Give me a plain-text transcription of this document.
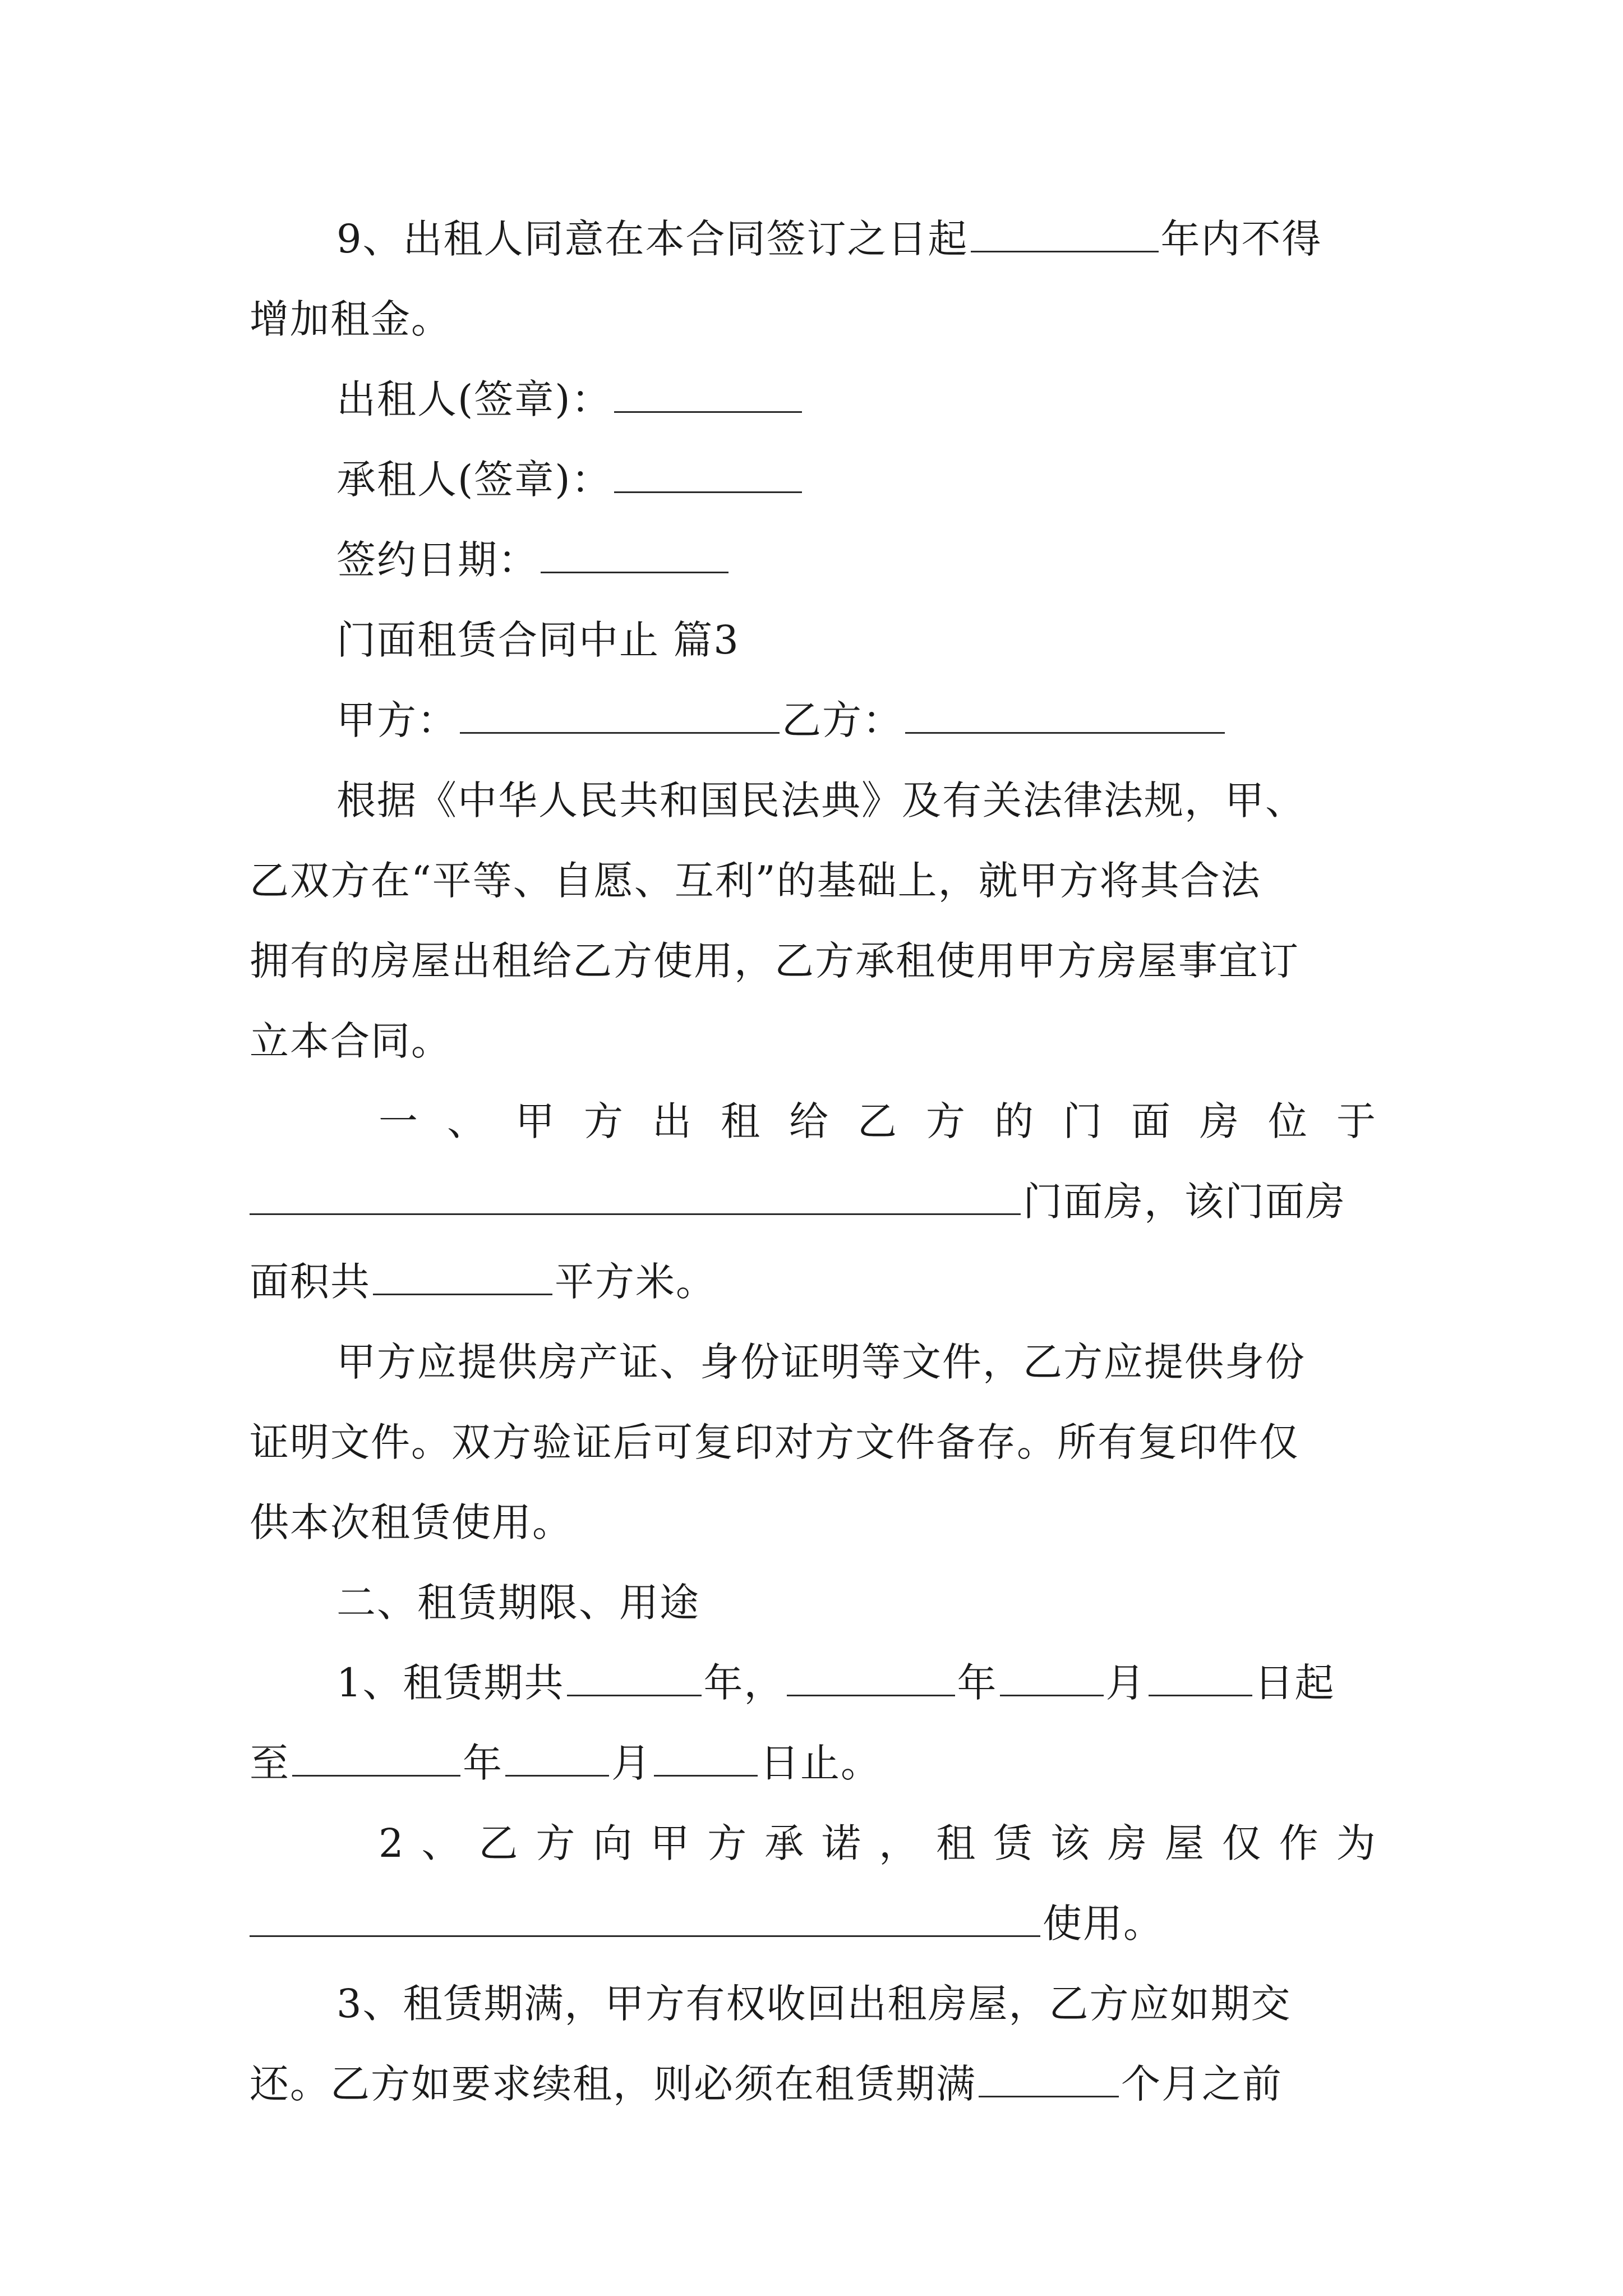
9、出租人同意在本合同签订之日起	年内不得
增加租金。
出租人(签章)：
承租人(签章)：
签约日期：
门面租赁合同中止 篇3
甲方：	乙方：
根据《中华人民共和国民法典》及有关法律法规，甲、
乙双方在“平等、自愿、互利”的基础上，就甲方将其合法
拥有的房屋出租给乙方使用，乙方承租使用甲方房屋事宜订
立本合同。
一 、 甲 方 出 租 给 乙 方 的 门 面 房 位 于
门面房，该门面房
面积共	平方米。
甲方应提供房产证、身份证明等文件，乙方应提供身份
证明文件。双方验证后可复印对方文件备存。所有复印件仅
供本次租赁使用。
二、租赁期限、用途
1、租赁期共	年，	年	月	日起
至	年	月	日止。
2 、 乙 方 向 甲 方 承 诺 ， 租 赁 该 房 屋 仅 作 为
使用。
3、租赁期满，甲方有权收回出租房屋，乙方应如期交
还。乙方如要求续租，则必须在租赁期满	个月之前
